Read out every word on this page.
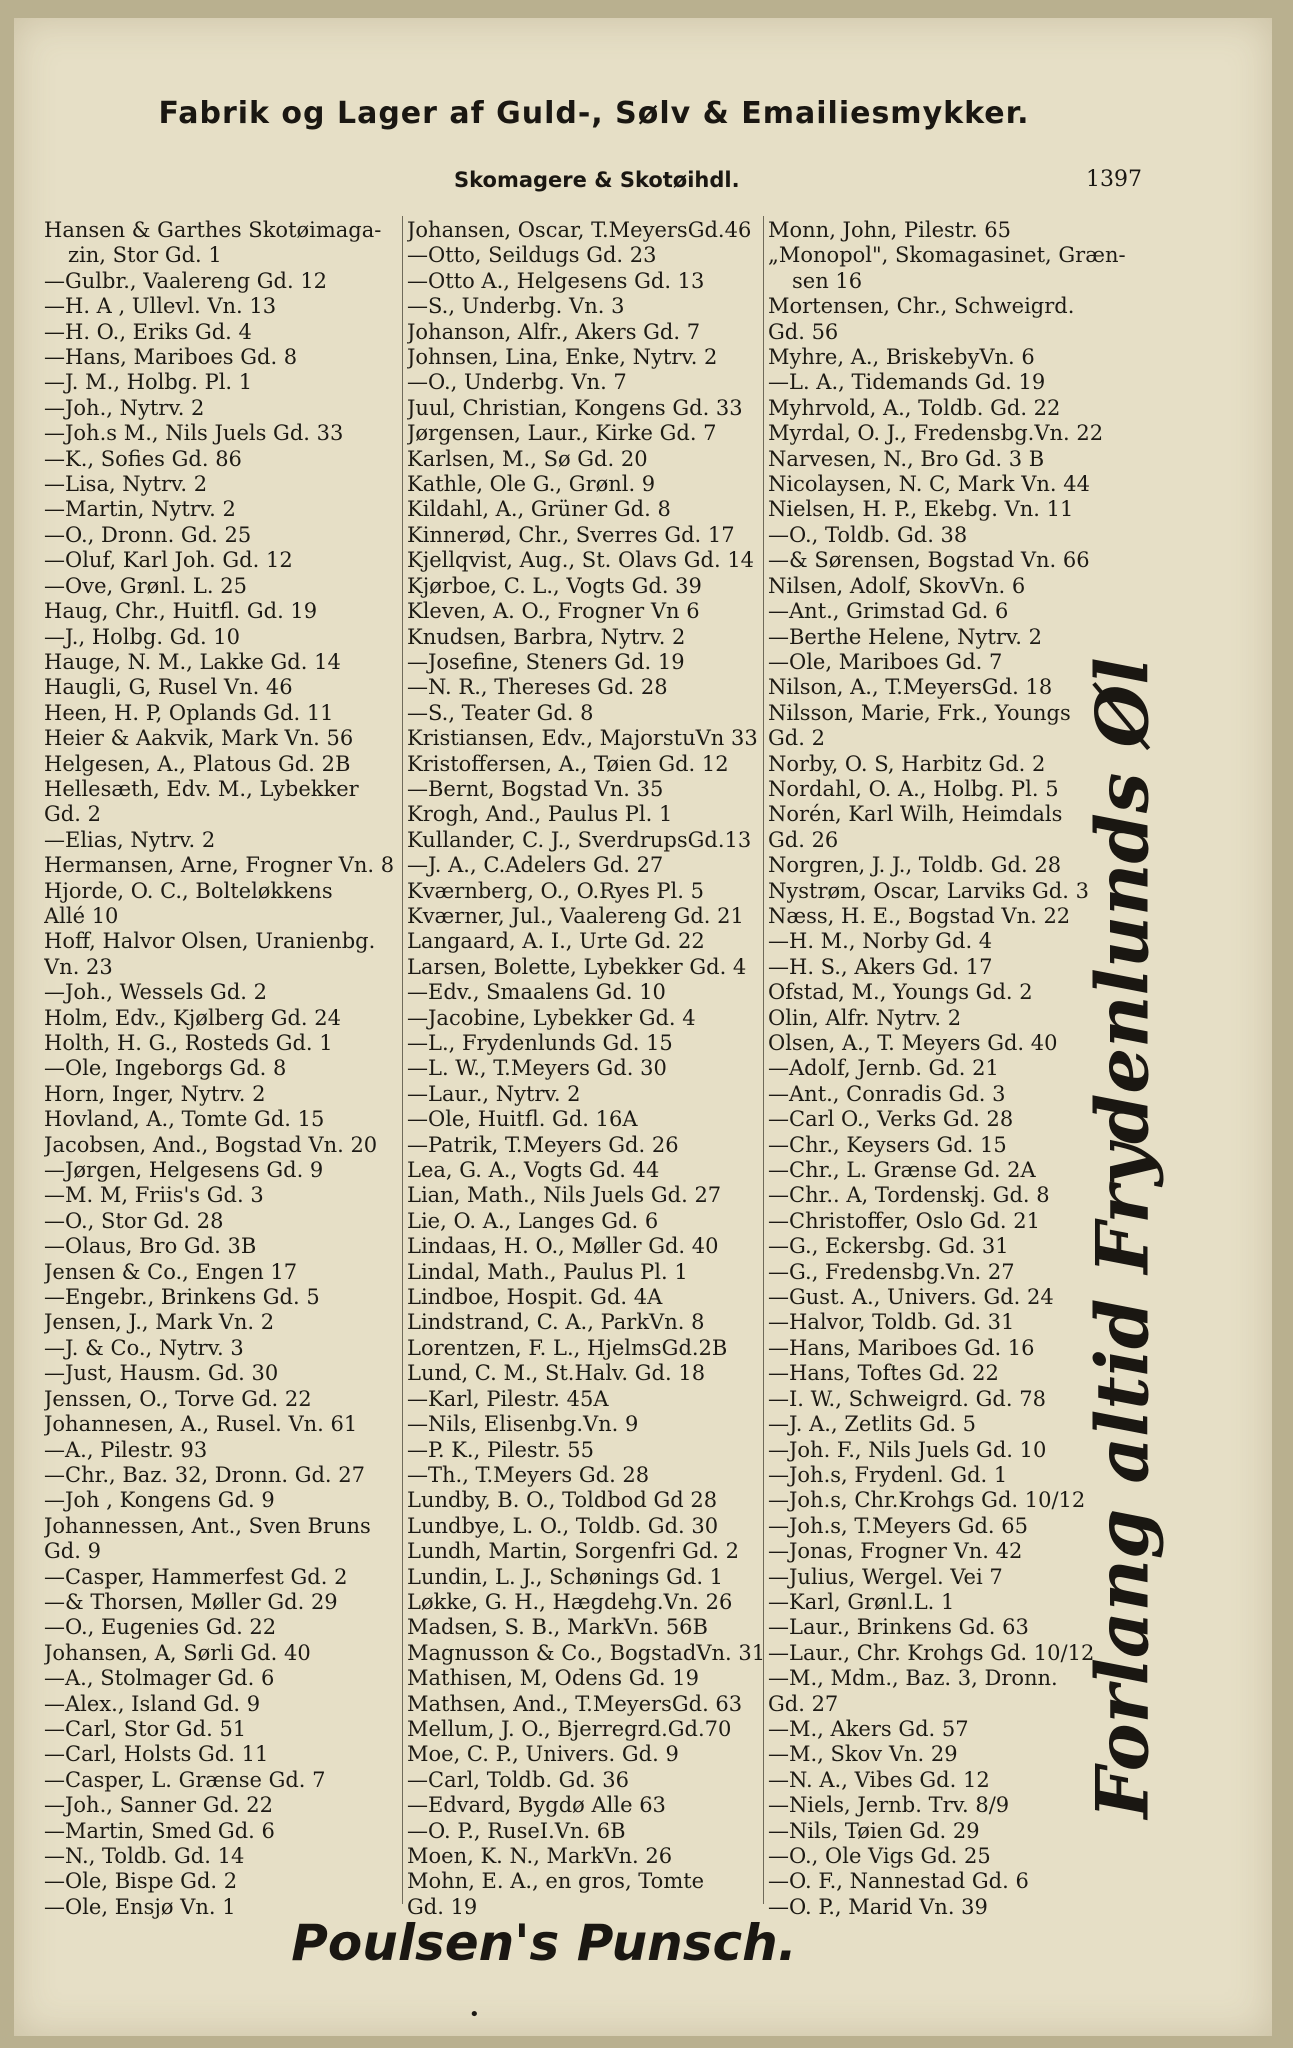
Fabrik og Lager af Guld-, Sølv & Emailiesmykker.
Skomagere & Skotøihdl.	1397
Hansen & Garthes Skotøimaga-
zin, Stor Gd. 1
—Gulbr., Vaalereng Gd. 12
—H. A , Ullevl. Vn. 13
—H. O., Eriks Gd. 4
—Hans, Mariboes Gd. 8
—J. M., Holbg. Pl. 1
—Joh., Nytrv. 2
—Joh.s M., Nils Juels Gd. 33
—K., Sofies Gd. 86
—Lisa, Nytrv. 2
—Martin, Nytrv. 2
—O., Dronn. Gd. 25
—Oluf, Karl Joh. Gd. 12
—Ove, Grønl. L. 25
Haug, Chr., Huitfl. Gd. 19
—J., Holbg. Gd. 10
Hauge, N. M., Lakke Gd. 14
Haugli, G, Rusel Vn. 46
Heen, H. P, Oplands Gd. 11
Heier & Aakvik, Mark Vn. 56
Helgesen, A., Platous Gd. 2B
Hellesæth, Edv. M., Lybekker
Gd. 2
—Elias, Nytrv. 2
Hermansen, Arne, Frogner Vn. 8
Hjorde, O. C., Bolteløkkens
Allé 10
Hoff, Halvor Olsen, Uranienbg.
Vn. 23
—Joh., Wessels Gd. 2
Holm, Edv., Kjølberg Gd. 24
Holth, H. G., Rosteds Gd. 1
—Ole, Ingeborgs Gd. 8
Horn, Inger, Nytrv. 2
Hovland, A., Tomte Gd. 15
Jacobsen, And., Bogstad Vn. 20
—Jørgen, Helgesens Gd. 9
—M. M, Friis's Gd. 3
—O., Stor Gd. 28
—Olaus, Bro Gd. 3B
Jensen & Co., Engen 17
—Engebr., Brinkens Gd. 5
Jensen, J., Mark Vn. 2
—J. & Co., Nytrv. 3
—Just, Hausm. Gd. 30
Jenssen, O., Torve Gd. 22
Johannesen, A., Rusel. Vn. 61
—A., Pilestr. 93
—Chr., Baz. 32, Dronn. Gd. 27
—Joh , Kongens Gd. 9
Johannessen, Ant., Sven Bruns
Gd. 9
—Casper, Hammerfest Gd. 2
—& Thorsen, Møller Gd. 29
—O., Eugenies Gd. 22
Johansen, A, Sørli Gd. 40
—A., Stolmager Gd. 6
—Alex., Island Gd. 9
—Carl, Stor Gd. 51
—Carl, Holsts Gd. 11
—Casper, L. Grænse Gd. 7
—Joh., Sanner Gd. 22
—Martin, Smed Gd. 6
—N., Toldb. Gd. 14
—Ole, Bispe Gd. 2
—Ole, Ensjø Vn. 1
Johansen, Oscar, T.MeyersGd.46
—Otto, Seildugs Gd. 23
—Otto A., Helgesens Gd. 13
—S., Underbg. Vn. 3
Johanson, Alfr., Akers Gd. 7
Johnsen, Lina, Enke, Nytrv. 2
—O., Underbg. Vn. 7
Juul, Christian, Kongens Gd. 33
Jørgensen, Laur., Kirke Gd. 7
Karlsen, M., Sø Gd. 20
Kathle, Ole G., Grønl. 9
Kildahl, A., Grüner Gd. 8
Kinnerød, Chr., Sverres Gd. 17
Kjellqvist, Aug., St. Olavs Gd. 14
Kjørboe, C. L., Vogts Gd. 39
Kleven, A. O., Frogner Vn 6
Knudsen, Barbra, Nytrv. 2
—Josefine, Steners Gd. 19
—N. R., Thereses Gd. 28
—S., Teater Gd. 8
Kristiansen, Edv., MajorstuVn 33
Kristoffersen, A., Tøien Gd. 12
—Bernt, Bogstad Vn. 35
Krogh, And., Paulus Pl. 1
Kullander, C. J., SverdrupsGd.13
—J. A., C.Adelers Gd. 27
Kværnberg, O., O.Ryes Pl. 5
Kværner, Jul., Vaalereng Gd. 21
Langaard, A. I., Urte Gd. 22
Larsen, Bolette, Lybekker Gd. 4
—Edv., Smaalens Gd. 10
—Jacobine, Lybekker Gd. 4
—L., Frydenlunds Gd. 15
—L. W., T.Meyers Gd. 30
—Laur., Nytrv. 2
—Ole, Huitfl. Gd. 16A
—Patrik, T.Meyers Gd. 26
Lea, G. A., Vogts Gd. 44
Lian, Math., Nils Juels Gd. 27
Lie, O. A., Langes Gd. 6
Lindaas, H. O., Møller Gd. 40
Lindal, Math., Paulus Pl. 1
Lindboe, Hospit. Gd. 4A
Lindstrand, C. A., ParkVn. 8
Lorentzen, F. L., HjelmsGd.2B
Lund, C. M., St.Halv. Gd. 18
—Karl, Pilestr. 45A
—Nils, Elisenbg.Vn. 9
—P. K., Pilestr. 55
—Th., T.Meyers Gd. 28
Lundby, B. O., Toldbod Gd 28
Lundbye, L. O., Toldb. Gd. 30
Lundh, Martin, Sorgenfri Gd. 2
Lundin, L. J., Schønings Gd. 1
Løkke, G. H., Hægdehg.Vn. 26
Madsen, S. B., MarkVn. 56B
Magnusson & Co., BogstadVn. 31
Mathisen, M, Odens Gd. 19
Mathsen, And., T.MeyersGd. 63
Mellum, J. O., Bjerregrd.Gd.70
Moe, C. P., Univers. Gd. 9
—Carl, Toldb. Gd. 36
—Edvard, Bygdø Alle 63
—O. P., RuseI.Vn. 6B
Moen, K. N., MarkVn. 26
Mohn, E. A., en gros, Tomte
Gd. 19
Monn, John, Pilestr. 65
„Monopol", Skomagasinet, Græn-
sen 16
Mortensen, Chr., Schweigrd.
Gd. 56
Myhre, A., BriskebyVn. 6
—L. A., Tidemands Gd. 19
Myhrvold, A., Toldb. Gd. 22
Myrdal, O. J., Fredensbg.Vn. 22
Narvesen, N., Bro Gd. 3 B
Nicolaysen, N. C, Mark Vn. 44
Nielsen, H. P., Ekebg. Vn. 11
—O., Toldb. Gd. 38
—& Sørensen, Bogstad Vn. 66
Nilsen, Adolf, SkovVn. 6
—Ant., Grimstad Gd. 6
—Berthe Helene, Nytrv. 2
—Ole, Mariboes Gd. 7
Nilson, A., T.MeyersGd. 18
Nilsson, Marie, Frk., Youngs
Gd. 2
Norby, O. S, Harbitz Gd. 2
Nordahl, O. A., Holbg. Pl. 5
Norén, Karl Wilh, Heimdals
Gd. 26
Norgren, J. J., Toldb. Gd. 28
Nystrøm, Oscar, Larviks Gd. 3
Næss, H. E., Bogstad Vn. 22
—H. M., Norby Gd. 4
—H. S., Akers Gd. 17
Ofstad, M., Youngs Gd. 2
Olin, Alfr. Nytrv. 2
Olsen, A., T. Meyers Gd. 40
—Adolf, Jernb. Gd. 21
—Ant., Conradis Gd. 3
—Carl O., Verks Gd. 28
—Chr., Keysers Gd. 15
—Chr., L. Grænse Gd. 2A
—Chr.. A, Tordenskj. Gd. 8
—Christoffer, Oslo Gd. 21
—G., Eckersbg. Gd. 31
—G., Fredensbg.Vn. 27
—Gust. A., Univers. Gd. 24
—Halvor, Toldb. Gd. 31
—Hans, Mariboes Gd. 16
—Hans, Toftes Gd. 22
—I. W., Schweigrd. Gd. 78
—J. A., Zetlits Gd. 5
—Joh. F., Nils Juels Gd. 10
—Joh.s, Frydenl. Gd. 1
—Joh.s, Chr.Krohgs Gd. 10/12
—Joh.s, T.Meyers Gd. 65
—Jonas, Frogner Vn. 42
—Julius, Wergel. Vei 7
—Karl, Grønl.L. 1
—Laur., Brinkens Gd. 63
—Laur., Chr. Krohgs Gd. 10/12
—M., Mdm., Baz. 3, Dronn.
Gd. 27
—M., Akers Gd. 57
—M., Skov Vn. 29
—N. A., Vibes Gd. 12
—Niels, Jernb. Trv. 8/9
—Nils, Tøien Gd. 29
—O., Ole Vigs Gd. 25
—O. F., Nannestad Gd. 6
—O. P., Marid Vn. 39
Forlang altid Frydenlunds Øl
Poulsen's Punsch.
•
